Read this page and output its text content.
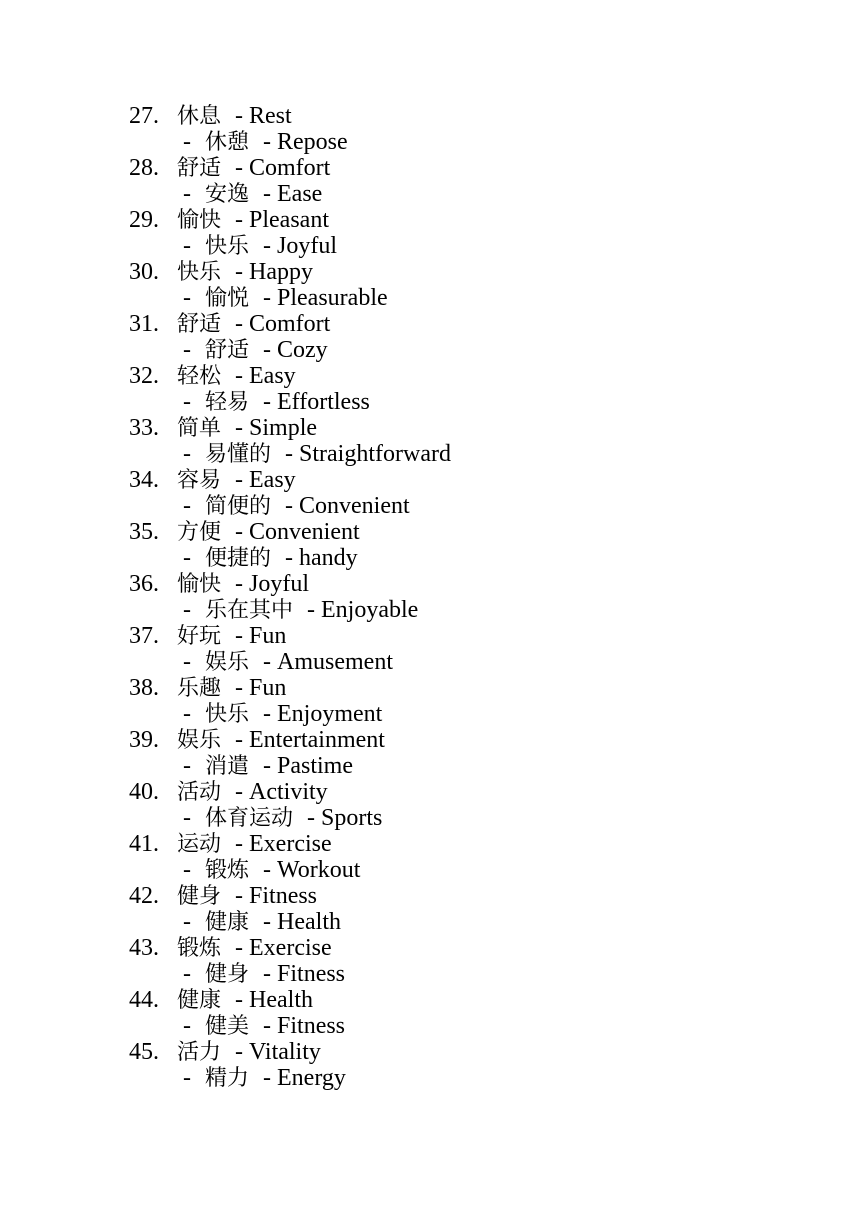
27. 休息 - Rest
- 休憩 - Repose
28. 舒适 - Comfort
- 安逸 - Ease
29. 愉快 - Pleasant
- 快乐 - Joyful
30. 快乐 - Happy
- 愉悦 - Pleasurable
31. 舒适 - Comfort
- 舒适 - Cozy
32. 轻松 - Easy
- 轻易 - Effortless
33. 简单 - Simple
- 易懂的 - Straightforward
34. 容易 - Easy
- 简便的 - Convenient
35. 方便 - Convenient
- 便捷的 - handy
36. 愉快 - Joyful
- 乐在其中 - Enjoyable
37. 好玩 - Fun
- 娱乐 - Amusement
38. 乐趣 - Fun
- 快乐 - Enjoyment
39. 娱乐 - Entertainment
- 消遣 - Pastime
40. 活动 - Activity
- 体育运动 - Sports
41. 运动 - Exercise
- 锻炼 - Workout
42. 健身 - Fitness
- 健康 - Health
43. 锻炼 - Exercise
- 健身 - Fitness
44. 健康 - Health
- 健美 - Fitness
45. 活力 - Vitality
- 精力 - Energy
